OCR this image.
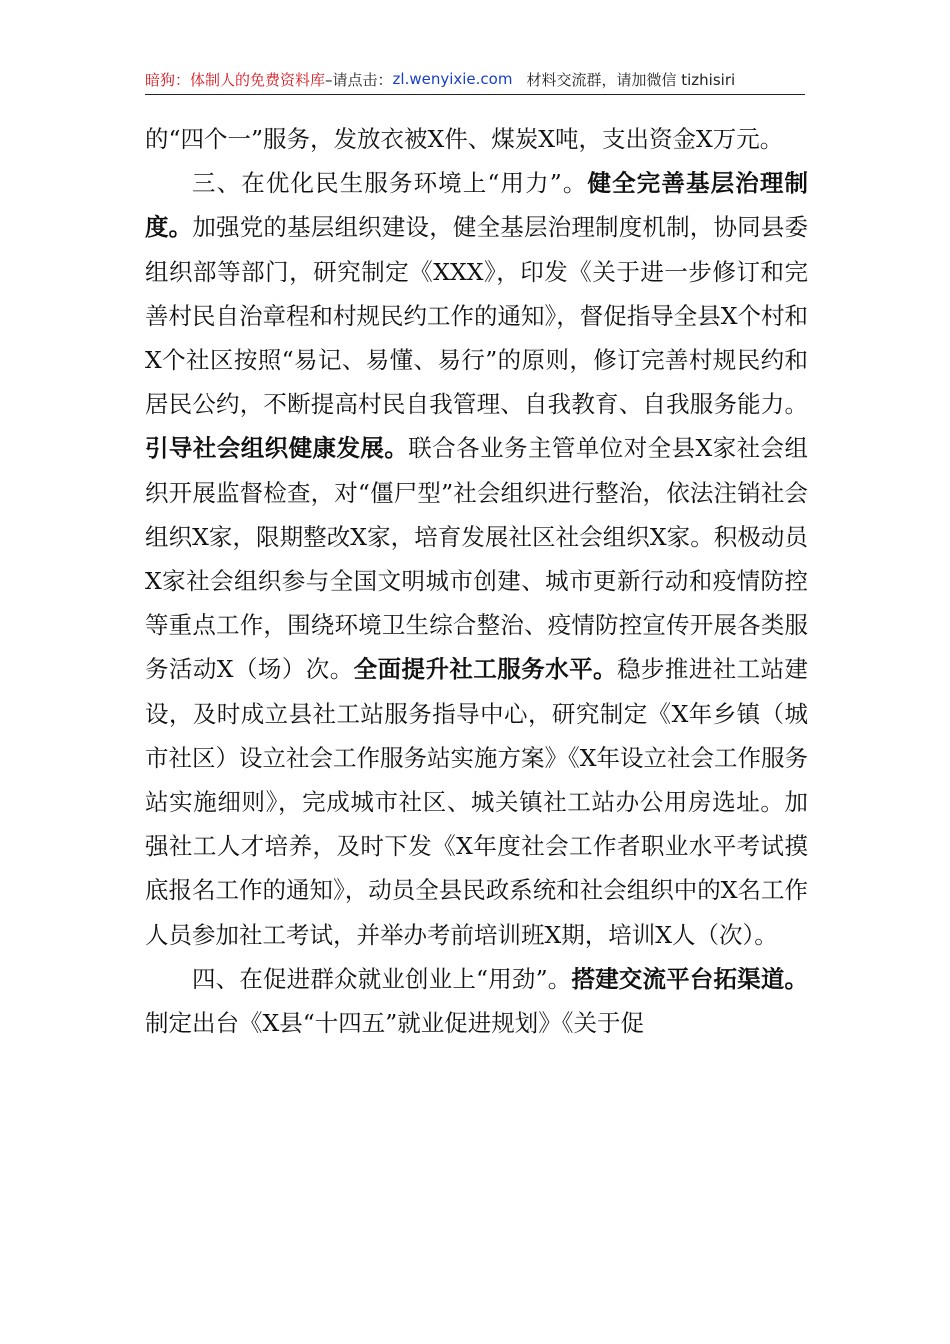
暗狗：体制人的免费资料库 –请点击： zl.wenyixie.com 材料交流群，请加微信 tizhisiri

的“四个一”服务，发放衣被X件、煤炭X吨，支出资金X万元。

三、在优化民生服务环境上“用力”。健全完善基层治理制度。加强党的基层组织建设，健全基层治理制度机制，协同县委组织部等部门，研究制定《XXX》，印发《关于进一步修订和完善村民自治章程和村规民约工作的通知》，督促指导全县X个村和X个社区按照“易记、易懂、易行”的原则，修订完善村规民约和居民公约，不断提高村民自我管理、自我教育、自我服务能力。引导社会组织健康发展。联合各业务主管单位对全县X家社会组织开展监督检查，对“僵尸型”社会组织进行整治，依法注销社会组织X家，限期整改X家，培育发展社区社会组织X家。积极动员X家社会组织参与全国文明城市创建、城市更新行动和疫情防控等重点工作，围绕环境卫生综合整治、疫情防控宣传开展各类服务活动X（场）次。全面提升社工服务水平。稳步推进社工站建设，及时成立县社工站服务指导中心，研究制定《X年乡镇（城市社区）设立社会工作服务站实施方案》《X年设立社会工作服务站实施细则》，完成城市社区、城关镇社工站办公用房选址。加强社工人才培养，及时下发《X年度社会工作者职业水平考试摸底报名工作的通知》，动员全县民政系统和社会组织中的X名工作人员参加社工考试，并举办考前培训班X期，培训X人（次）。

四、在促进群众就业创业上“用劲”。搭建交流平台拓渠道。制定出台《X县“十四五”就业促进规划》《关于促
